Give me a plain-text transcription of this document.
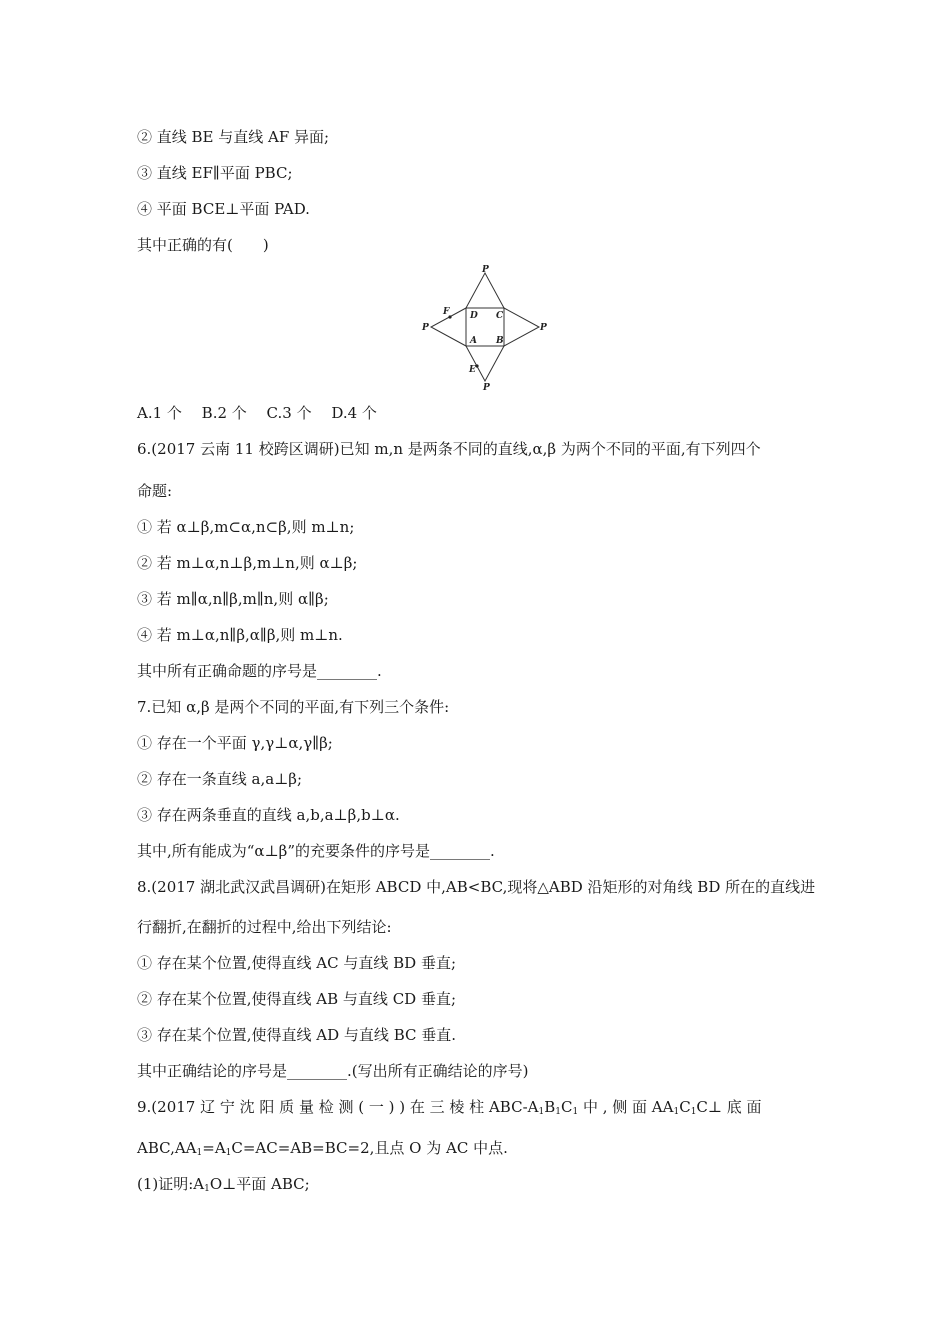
② 直线 BE 与直线 AF 异面;
③ 直线 EF∥平面 PBC;
④ 平面 BCE⊥平面 PAD.
其中正确的有(　　)
P
P	P
P
F
E
D C
A B
A.1 个　 B.2 个　 C.3 个　 D.4 个
6.(2017 云南 11 校跨区调研)已知 m,n 是两条不同的直线,α,β 为两个不同的平面,有下列四个
命题:
① 若 α⊥β,m⊂α,n⊂β,则 m⊥n;
② 若 m⊥α,n⊥β,m⊥n,则 α⊥β;
③ 若 m∥α,n∥β,m∥n,则 α∥β;
④ 若 m⊥α,n∥β,α∥β,则 m⊥n.
其中所有正确命题的序号是________.
7.已知 α,β 是两个不同的平面,有下列三个条件:
① 存在一个平面 γ,γ⊥α,γ∥β;
② 存在一条直线 a,a⊥β;
③ 存在两条垂直的直线 a,b,a⊥β,b⊥α.
其中,所有能成为“α⊥β”的充要条件的序号是________.
8.(2017 湖北武汉武昌调研)在矩形 ABCD 中,AB<BC,现将△ABD 沿矩形的对角线 BD 所在的直线进
行翻折,在翻折的过程中,给出下列结论:
① 存在某个位置,使得直线 AC 与直线 BD 垂直;
② 存在某个位置,使得直线 AB 与直线 CD 垂直;
③ 存在某个位置,使得直线 AD 与直线 BC 垂直.
其中正确结论的序号是________.(写出所有正确结论的序号)
9.(2017 辽 宁 沈 阳 质 量 检 测 ( 一 ) ) 在 三 棱 柱 ABC-$A_1B_1C_1$ 中 , 侧 面 $AA_1C_1C\perp$ 底 面
$ABC,AA_1=A_1C=AC=AB=BC=2$,且点 O 为 AC 中点.
(1)证明$:A_1O\perp$平面 ABC;
